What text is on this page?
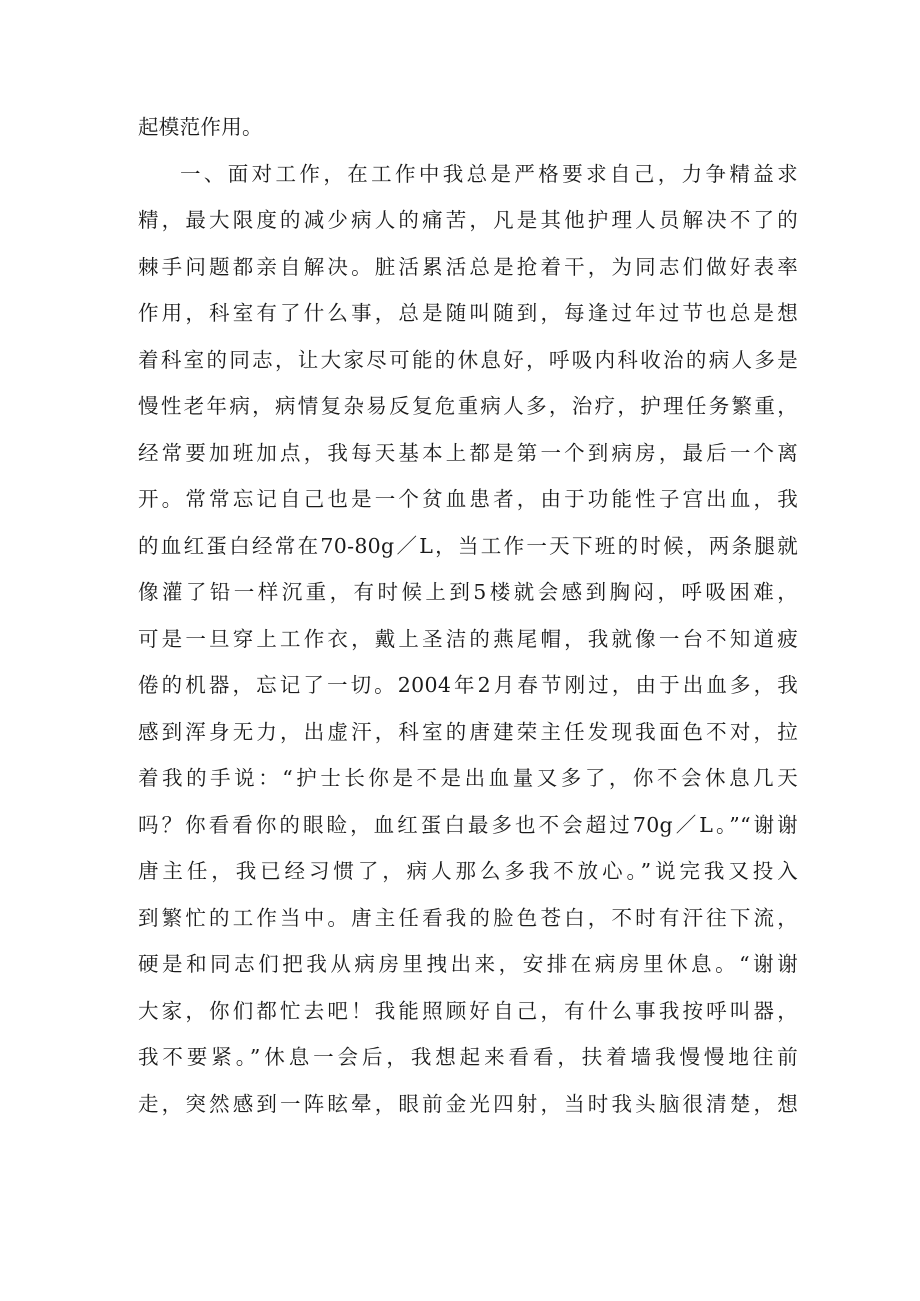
起模范作用。
一、面对工作，在工作中我总是严格要求自己，力争精益求
精，最大限度的减少病人的痛苦，凡是其他护理人员解决不了的
棘手问题都亲自解决。脏活累活总是抢着干，为同志们做好表率
作用，科室有了什么事，总是随叫随到，每逢过年过节也总是想
着科室的同志，让大家尽可能的休息好，呼吸内科收治的病人多是
慢性老年病，病情复杂易反复危重病人多，治疗，护理任务繁重，
经常要加班加点，我每天基本上都是第一个到病房，最后一个离
开。常常忘记自己也是一个贫血患者，由于功能性子宫出血，我
的血红蛋白经常在70-80g／L，当工作一天下班的时候，两条腿就
像灌了铅一样沉重，有时候上到5楼就会感到胸闷，呼吸困难，
可是一旦穿上工作衣，戴上圣洁的燕尾帽，我就像一台不知道疲
倦的机器，忘记了一切。2004年2月春节刚过，由于出血多，我
感到浑身无力，出虚汗，科室的唐建荣主任发现我面色不对，拉
着我的手说：“护士长你是不是出血量又多了，你不会休息几天
吗？你看看你的眼睑，血红蛋白最多也不会超过70g／L。”“谢谢
唐主任，我已经习惯了，病人那么多我不放心。”说完我又投入
到繁忙的工作当中。唐主任看我的脸色苍白，不时有汗往下流，
硬是和同志们把我从病房里拽出来，安排在病房里休息。“谢谢
大家，你们都忙去吧！我能照顾好自己，有什么事我按呼叫器，
我不要紧。”休息一会后，我想起来看看，扶着墙我慢慢地往前
走，突然感到一阵眩晕，眼前金光四射，当时我头脑很清楚，想
